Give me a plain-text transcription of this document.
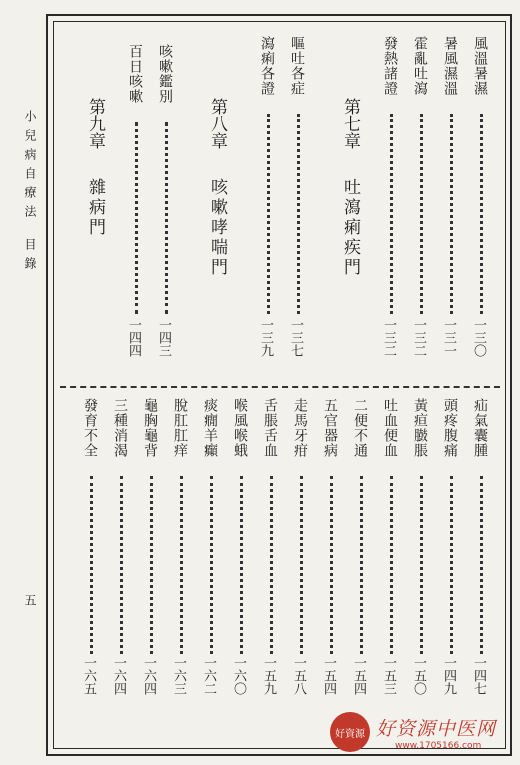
小兒病自療法目錄
五
風溫暑濕
一三〇
暑風濕溫
一三一
霍亂吐瀉
一三二
發熱諸證
一三二
第七章
吐瀉痢疾門
嘔吐各症
一三七
瀉痢各證
一三九
第八章
咳嗽哮喘門
咳嗽鑑別
一四三
百日咳嗽
一四四
第九章
雜病門
疝氣囊腫
一四七
頭疼腹痛
一四九
黃疸臌脹
一五〇
吐血便血
一五三
二便不通
一五四
五官器病
一五四
走馬牙疳
一五八
舌脹舌血
一五九
喉風喉蛾
一六〇
痰癇羊癲
一六二
脫肛肛痒
一六三
龜胸龜背
一六四
三種消渴
一六四
發育不全
一六五
好資源 好资源中医网
www.1705166.com
